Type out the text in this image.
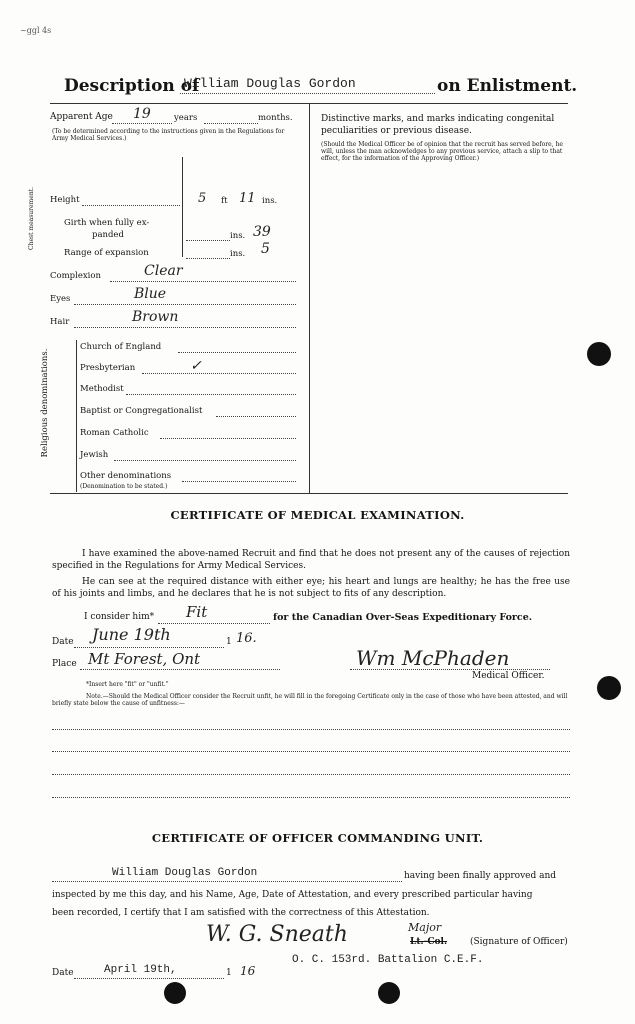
~ggl 4s
Description of
William Douglas Gordon	on Enlistment.
Apparent Age 19	years	months.
(To be determined according to the instructions given in the Regulations for Army Medical Services.)
Height	5 ft 11 ins.
Chest measurement.	Girth when fully ex-
panded	ins. 39
Range of expansion	ins. 5
Complexion	Clear
Eyes	Blue
Hair	Brown
Religious denominations.
Church of England
Presbyterian	✓
Methodist
Baptist or Congregationalist
Roman Catholic
Jewish
Other denominations
(Denomination to be stated.)
Distinctive marks, and marks indicating congenital peculiarities or previous disease.
(Should the Medical Officer be of opinion that the recruit has served before, he will, unless the man acknowledges to any previous service, attach a slip to that effect, for the information of the Approving Officer.)
CERTIFICATE OF MEDICAL EXAMINATION.
I have examined the above-named Recruit and find that he does not present any of the causes of rejection specified in the Regulations for Army Medical Services.
He can see at the required distance with either eye; his heart and lungs are healthy; he has the free use of his joints and limbs, and he declares that he is not subject to fits of any description.
I consider him* Fit	for the Canadian Over-Seas Expeditionary Force.
Date June 19th	1 16.
Place Mt Forest, Ont	Wm McPhaden
Medical Officer.
*Insert here "fit" or "unfit."
Note.—Should the Medical Officer consider the Recruit unfit, he will fill in the foregoing Certificate only in the case of those who have been attested, and will briefly state below the cause of unfitness:—
CERTIFICATE OF OFFICER COMMANDING UNIT.
William Douglas Gordon	having been finally approved and
inspected by me this day, and his Name, Age, Date of Attestation, and every prescribed particular having
been recorded, I certify that I am satisfied with the correctness of this Attestation.
W. G. Sneath	Major
Lt.-Col.	(Signature of Officer)
O. C. 153rd. Battalion C.E.F.
Date	April 19th,	1 16
